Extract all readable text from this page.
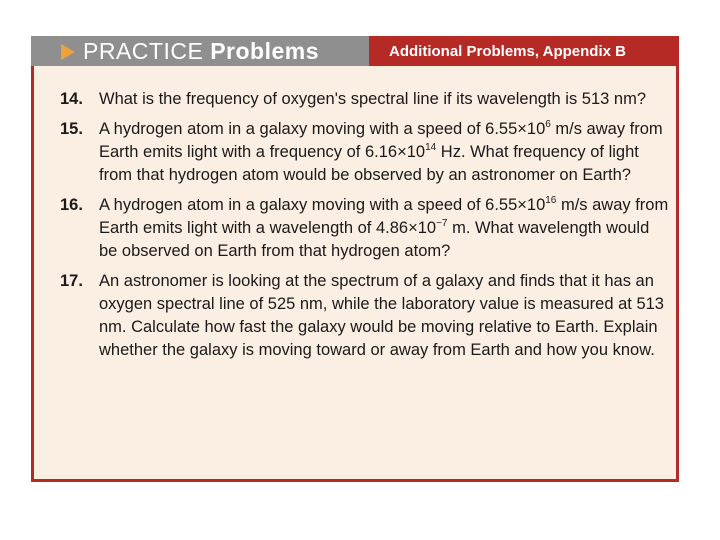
PRACTICE Problems	Additional Problems, Appendix B
14. What is the frequency of oxygen's spectral line if its wavelength is 513 nm?
15. A hydrogen atom in a galaxy moving with a speed of $6.55\times 10^6$ m/s away from Earth emits light with a frequency of $6.16\times 10^{14}$ Hz. What frequency of light from that hydrogen atom would be observed by an astronomer on Earth?
16. A hydrogen atom in a galaxy moving with a speed of $6.55\times 10^{16}$ m/s away from Earth emits light with a wavelength of $4.86\times 10^{-7}$ m. What wavelength would be observed on Earth from that hydrogen atom?
17. An astronomer is looking at the spectrum of a galaxy and finds that it has an oxygen spectral line of 525 nm, while the laboratory value is measured at 513 nm. Calculate how fast the galaxy would be moving relative to Earth. Explain whether the galaxy is moving toward or away from Earth and how you know.
